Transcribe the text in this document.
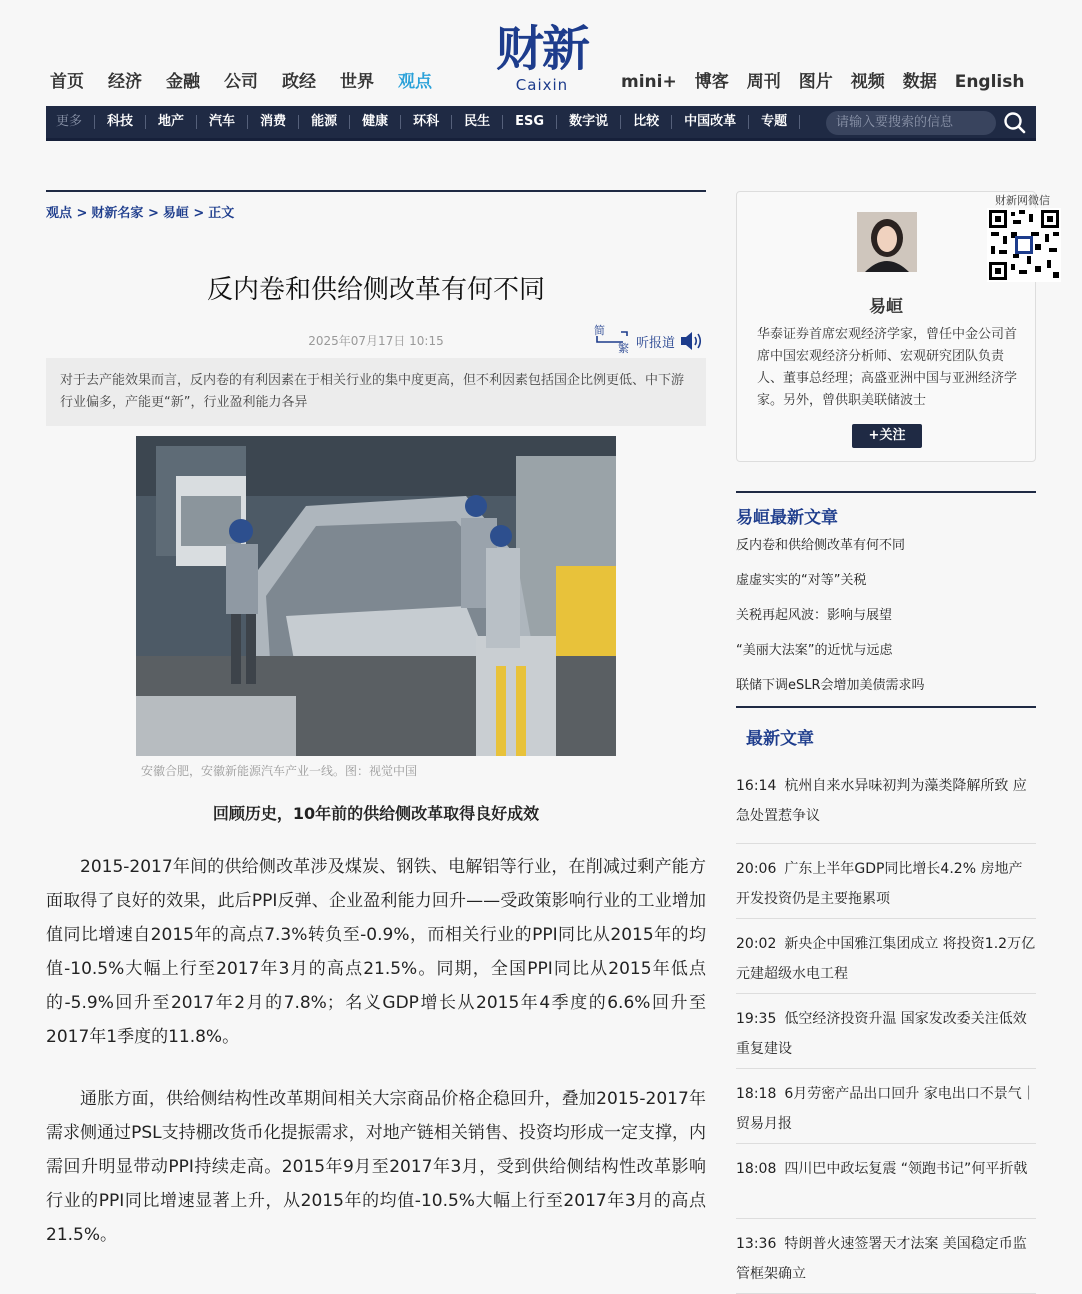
首页 经济 金融 公司 政经 世界 观点
财新
Caixin	mini+ 博客 周刊 图片 视频 数据 English
更多	科技	地产	汽车	消费	能源	健康	环科	民生	ESG	数字说	比较	中国改革	专题	请输入要搜索的信息
观点 > 财新名家 > 易峘 > 正文
反内卷和供给侧改革有何不同
2025年07月17日 10:15
简
繁 听报道
对于去产能效果而言，反内卷的有利因素在于相关行业的集中度更高，但不利因素包括国企比例更低、中下游行业偏多，产能更“新”，行业盈利能力各异
安徽合肥，安徽新能源汽车产业一线。图：视觉中国
回顾历史，10年前的供给侧改革取得良好成效

2015-2017年间的供给侧改革涉及煤炭、钢铁、电解铝等行业，在削减过剩产能方面取得了良好的效果，此后PPI反弹、企业盈利能力回升——受政策影响行业的工业增加值同比增速自2015年的高点7.3%转负至-0.9%，而相关行业的PPI同比从2015年的均值-10.5%大幅上行至2017年3月的高点21.5%。同期，全国PPI同比从2015年低点的-5.9%回升至2017年2月的7.8%；名义GDP增长从2015年4季度的6.6%回升至2017年1季度的11.8%。

通胀方面，供给侧结构性改革期间相关大宗商品价格企稳回升，叠加2015-2017年需求侧通过PSL支持棚改货币化提振需求，对地产链相关销售、投资均形成一定支撑，内需回升明显带动PPI持续走高。2015年9月至2017年3月，受到供给侧结构性改革影响行业的PPI同比增速显著上升，从2015年的均值-10.5%大幅上行至2017年3月的高点21.5%。

财新网微信
易峘
华泰证券首席宏观经济学家，曾任中金公司首席中国宏观经济分析师、宏观研究团队负责人、董事总经理；高盛亚洲中国与亚洲经济学家。另外，曾供职美联储波士
+关注
易峘最新文章
反内卷和供给侧改革有何不同
虚虚实实的“对等”关税
关税再起风波：影响与展望
“美丽大法案”的近忧与远虑
联储下调eSLR会增加美债需求吗
最新文章
16:14 杭州自来水异味初判为藻类降解所致 应急处置惹争议
20:06 广东上半年GDP同比增长4.2% 房地产开发投资仍是主要拖累项
20:02 新央企中国雅江集团成立 将投资1.2万亿元建超级水电工程
19:35 低空经济投资升温 国家发改委关注低效重复建设
18:18 6月劳密产品出口回升 家电出口不景气｜贸易月报
18:08 四川巴中政坛复震 “领跑书记”何平折戟
13:36 特朗普火速签署天才法案 美国稳定币监管框架确立
